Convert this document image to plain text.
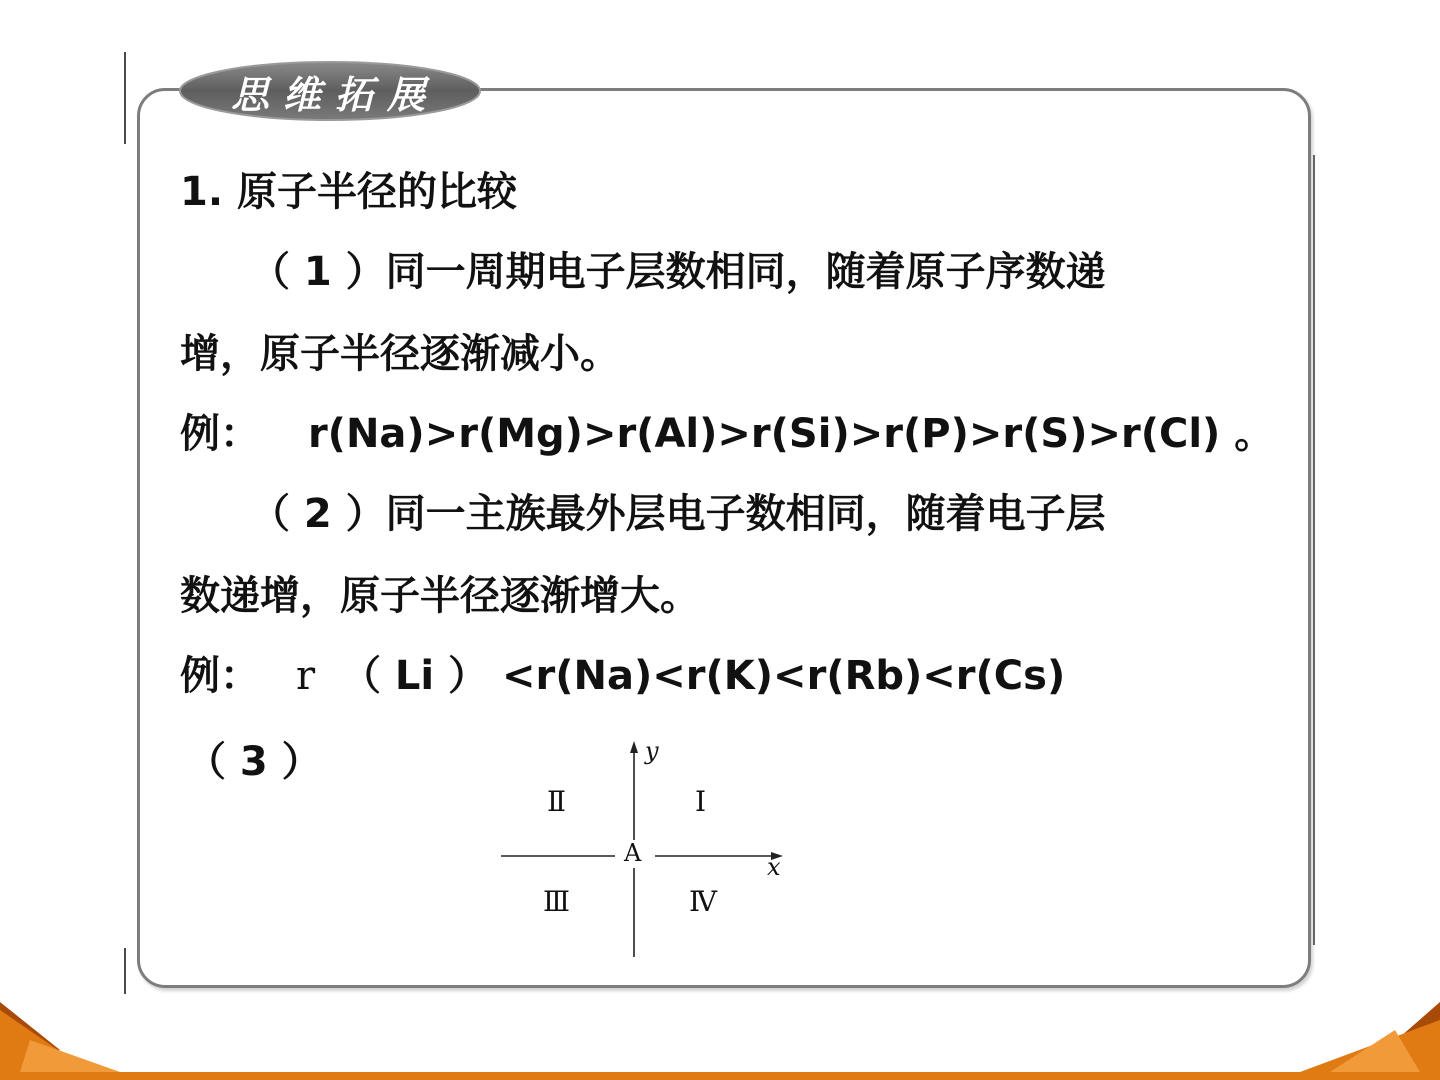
思维拓展
1. 原子半径的比较
（ 1 ）同一周期电子层数相同，随着原子序数递
增，原子半径逐渐减小。
例： r(Na)>r(Mg)>r(Al)>r(Si)>r(P)>r(S)>r(Cl) 。
（ 2 ）同一主族最外层电子数相同，随着电子层
数递增，原子半径逐渐增大。
例： r （ Li ） <r(Na)<r(K)<r(Rb)<r(Cs)
（ 3 ）	y
x
A
Ⅱ	Ⅰ
Ⅲ	Ⅳ
